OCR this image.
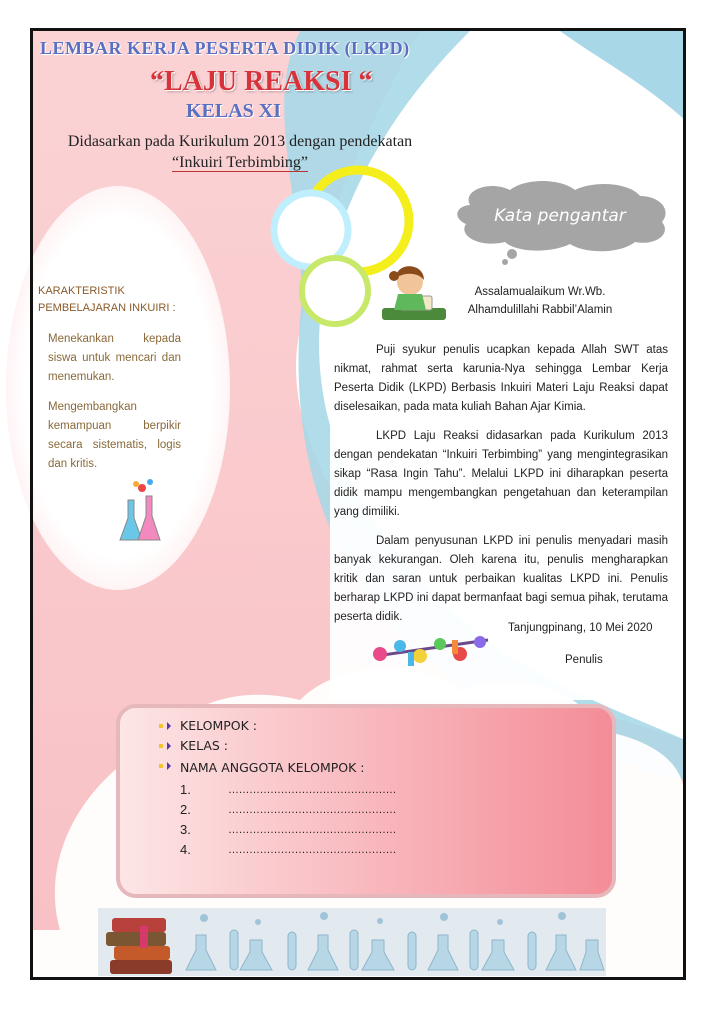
LEMBAR KERJA PESERTA DIDIK (LKPD)
“LAJU REAKSI “
KELAS XI
Didasarkan pada Kurikulum 2013 dengan pendekatan
“Inkuiri Terbimbing”
Kata pengantar
KARAKTERISTIK
PEMBELAJARAN INKUIRI :
Menekankan kepada siswa untuk mencari dan menemukan.
Mengembangkan kemampuan berpikir secara sistematis, logis dan kritis.
Assalamualaikum Wr.Wb.
Alhamdulillahi Rabbil’Alamin
Puji syukur penulis ucapkan kepada Allah SWT atas nikmat, rahmat serta karunia-Nya sehingga Lembar Kerja Peserta Didik (LKPD) Berbasis Inkuiri Materi Laju Reaksi dapat diselesaikan, pada mata kuliah Bahan Ajar Kimia.
LKPD Laju Reaksi didasarkan pada Kurikulum 2013 dengan pendekatan “Inkuiri Terbimbing” yang mengintegrasikan sikap “Rasa Ingin Tahu”. Melalui LKPD ini diharapkan peserta didik mampu mengembangkan pengetahuan dan keterampilan yang dimiliki.
Dalam penyusunan LKPD ini penulis menyadari masih banyak kekurangan. Oleh karena itu, penulis mengharapkan kritik dan saran untuk perbaikan kualitas LKPD ini. Penulis berharap LKPD ini dapat bermanfaat bagi semua pihak, terutama peserta didik.
Tanjungpinang, 10 Mei 2020
Penulis
KELOMPOK :
KELAS :
NAMA ANGGOTA KELOMPOK :
1.	…………………………………………
2.	…………………………………………
3.	…………………………………………
4.	…………………………………………
